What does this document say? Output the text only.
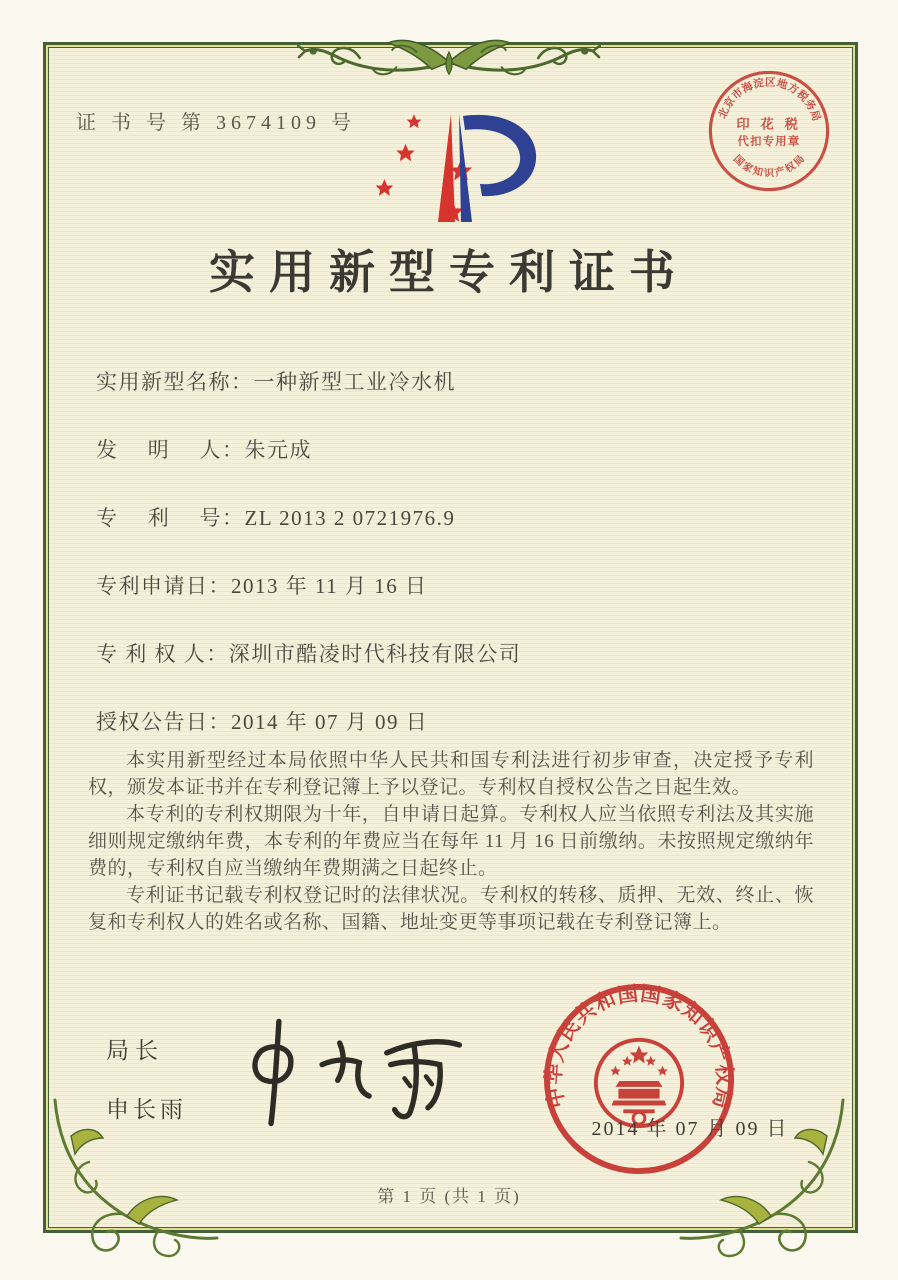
证 书 号 第 3674109 号	北京市海淀区地方税务局
国家知识产权局
印 花 税
代扣专用章
实用新型专利证书
实用新型名称：一种新型工业冷水机
发　 明　 人：朱元成
专　 利　 号：ZL 2013 2 0721976.9
专利申请日：2013 年 11 月 16 日
专 利 权 人：深圳市酷凌时代科技有限公司
授权公告日：2014 年 07 月 09 日

本实用新型经过本局依照中华人民共和国专利法进行初步审查，决定授予专利权，颁发本证书并在专利登记簿上予以登记。专利权自授权公告之日起生效。

本专利的专利权期限为十年，自申请日起算。专利权人应当依照专利法及其实施细则规定缴纳年费，本专利的年费应当在每年 11 月 16 日前缴纳。未按照规定缴纳年费的，专利权自应当缴纳年费期满之日起终止。

专利证书记载专利权登记时的法律状况。专利权的转移、质押、无效、终止、恢复和专利权人的姓名或名称、国籍、地址变更等事项记载在专利登记簿上。

局长
申长雨	中华人民共和国国家知识产权局
2014 年 07 月 09 日
第 1 页 (共 1 页)
